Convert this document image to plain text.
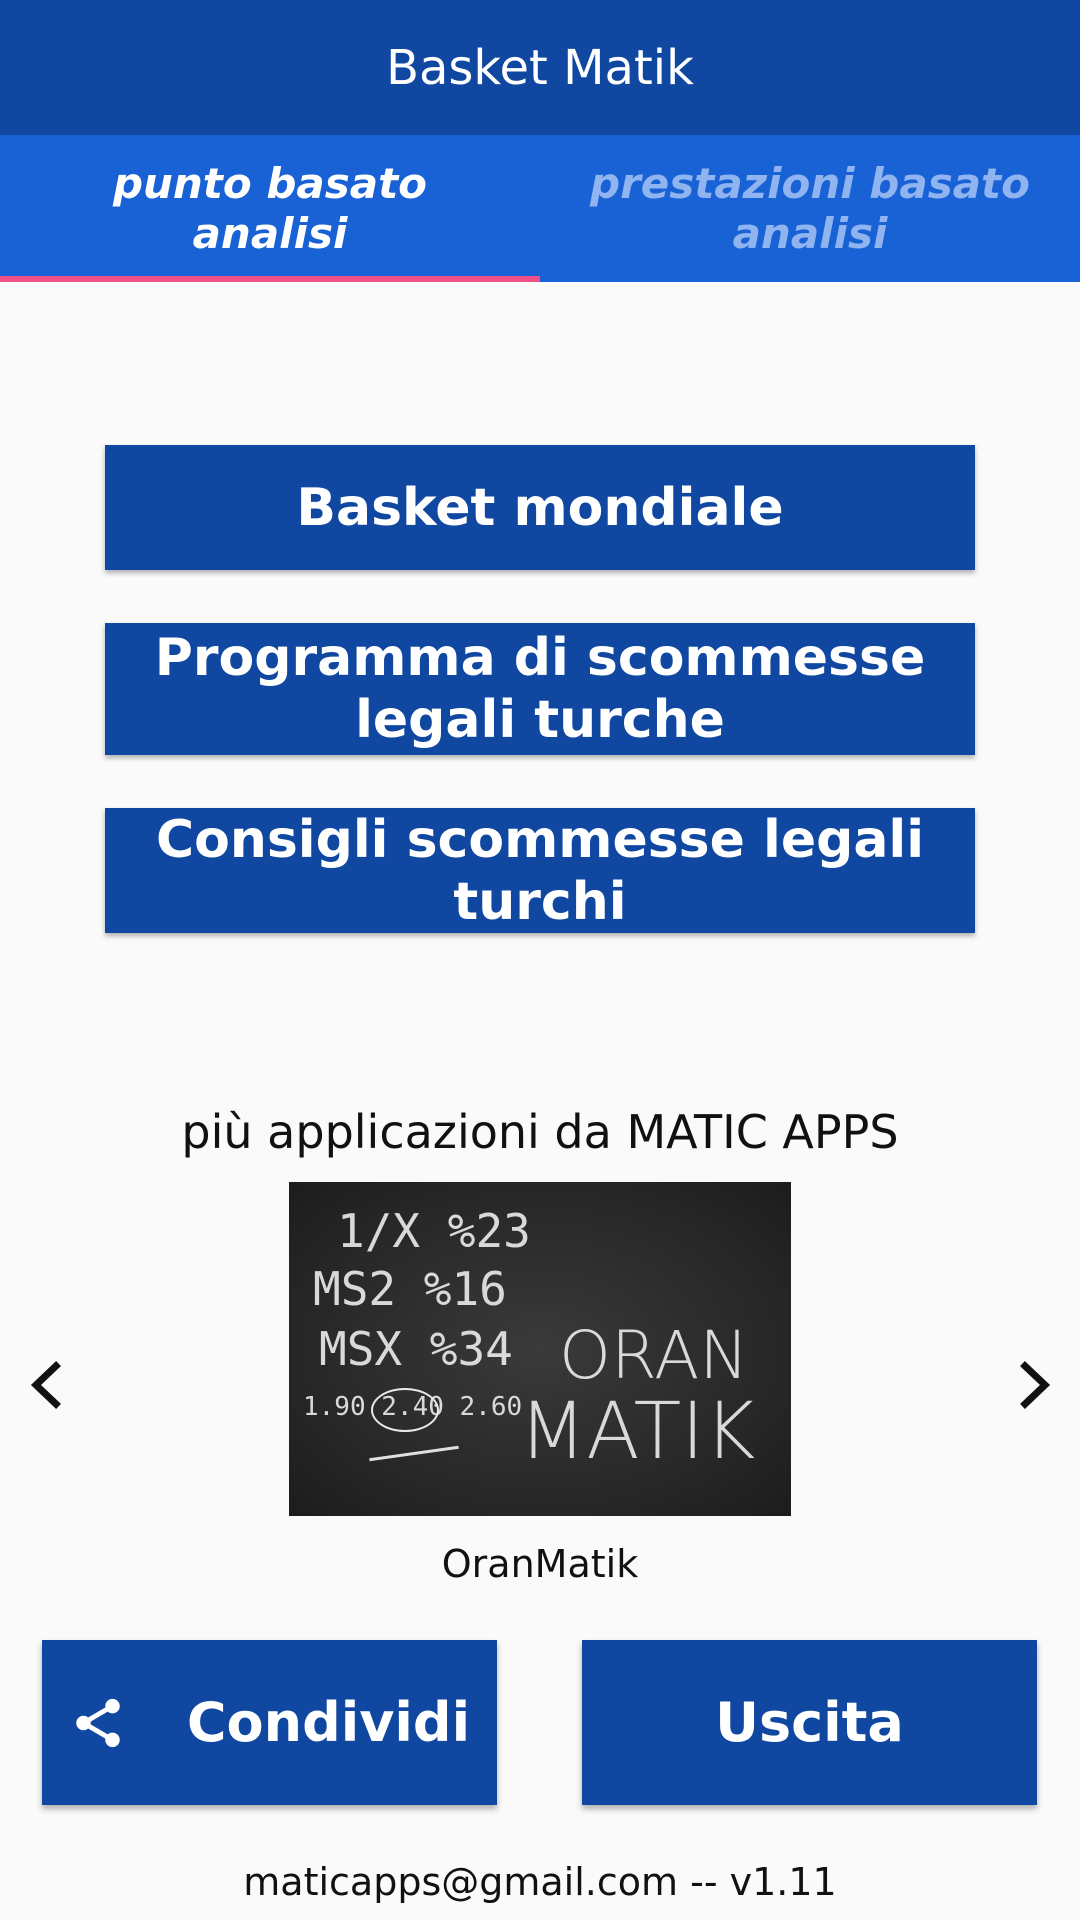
Basket Matik
punto basato
analisi
prestazioni basato
analisi
Basket mondiale
Programma di scommesse legali turche
Consigli scommesse legali turchi
più applicazioni da MATIC APPS
1/X %23
MS2 %16
MSX %34
1.90 2.40 2.60
ORAN
MATIK
OranMatik
Condividi	Uscita
maticapps@gmail.com -- v1.11
